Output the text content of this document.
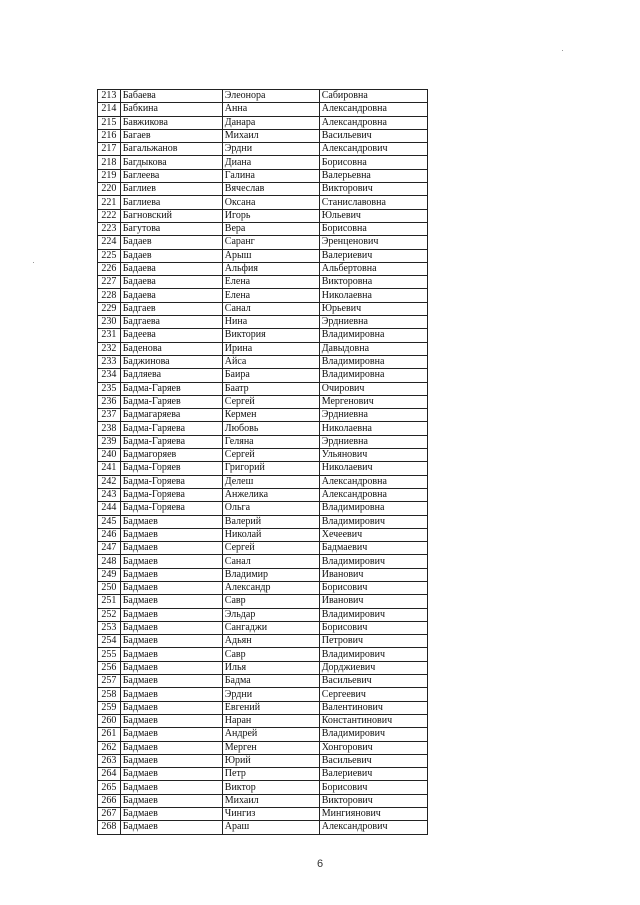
213	Бабаева	Элеонора	Сабировна
214	Бабкина	Анна	Александровна
215	Бавжикова	Данара	Александровна
216	Багаев	Михаил	Васильевич
217	Багальжанов	Эрдни	Александрович
218	Багдыкова	Диана	Борисовна
219	Баглеева	Галина	Валерьевна
220	Баглиев	Вячеслав	Викторович
221	Баглиева	Оксана	Станиславовна
222	Багновский	Игорь	Юльевич
223	Багутова	Вера	Борисовна
224	Бадаев	Саранг	Эренценович
225	Бадаев	Арыш	Валериевич
226	Бадаева	Альфия	Альбертовна
227	Бадаева	Елена	Викторовна
228	Бадаева	Елена	Николаевна
229	Бадгаев	Санал	Юрьевич
230	Бадгаева	Нина	Эрдниевна
231	Бадеева	Виктория	Владимировна
232	Баденова	Ирина	Давыдовна
233	Баджинова	Айса	Владимировна
234	Бадляева	Баира	Владимировна
235	Бадма-Гаряев	Баатр	Очирович
236	Бадма-Гаряев	Сергей	Мергенович
237	Бадмагаряева	Кермен	Эрдниевна
238	Бадма-Гаряева	Любовь	Николаевна
239	Бадма-Гаряева	Геляна	Эрдниевна
240	Бадмагоряев	Сергей	Ульянович
241	Бадма-Горяев	Григорий	Николаевич
242	Бадма-Горяева	Делеш	Александровна
243	Бадма-Горяева	Анжелика	Александровна
244	Бадма-Горяева	Ольга	Владимировна
245	Бадмаев	Валерий	Владимирович
246	Бадмаев	Николай	Хечеевич
247	Бадмаев	Сергей	Бадмаевич
248	Бадмаев	Санал	Владимирович
249	Бадмаев	Владимир	Иванович
250	Бадмаев	Александр	Борисович
251	Бадмаев	Савр	Иванович
252	Бадмаев	Эльдар	Владимирович
253	Бадмаев	Сангаджи	Борисович
254	Бадмаев	Адьян	Петрович
255	Бадмаев	Савр	Владимирович
256	Бадмаев	Илья	Дорджиевич
257	Бадмаев	Бадма	Васильевич
258	Бадмаев	Эрдни	Сергеевич
259	Бадмаев	Евгений	Валентинович
260	Бадмаев	Наран	Константинович
261	Бадмаев	Андрей	Владимирович
262	Бадмаев	Мерген	Хонгорович
263	Бадмаев	Юрий	Васильевич
264	Бадмаев	Петр	Валериевич
265	Бадмаев	Виктор	Борисович
266	Бадмаев	Михаил	Викторович
267	Бадмаев	Чингиз	Мингиянович
268	Бадмаев	Араш	Александрович
6
